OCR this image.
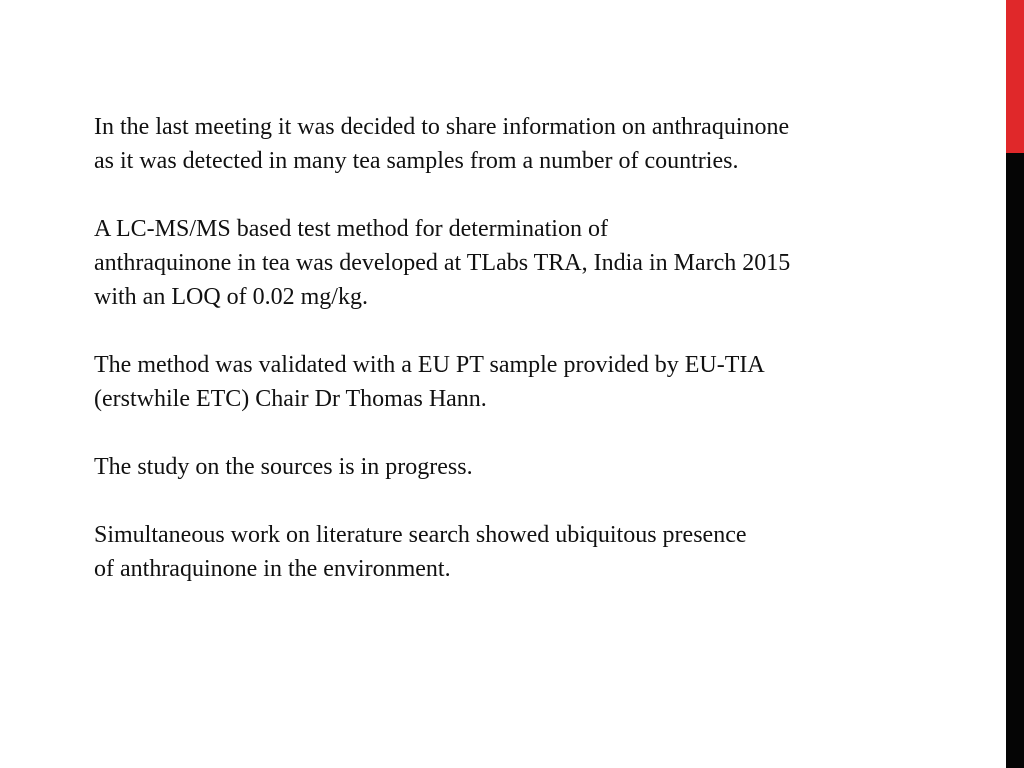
In the last meeting it was decided to share information on anthraquinone
as it was detected in many tea samples from a number of countries.

A LC-MS/MS based test method for determination of
anthraquinone in tea was developed at TLabs TRA, India in March 2015
with an LOQ of 0.02 mg/kg.

The method was validated with a EU PT sample provided by EU-TIA
(erstwhile ETC) Chair Dr Thomas Hann.

The study on the sources is in progress.

Simultaneous work on literature search showed ubiquitous presence
of anthraquinone in the environment.
